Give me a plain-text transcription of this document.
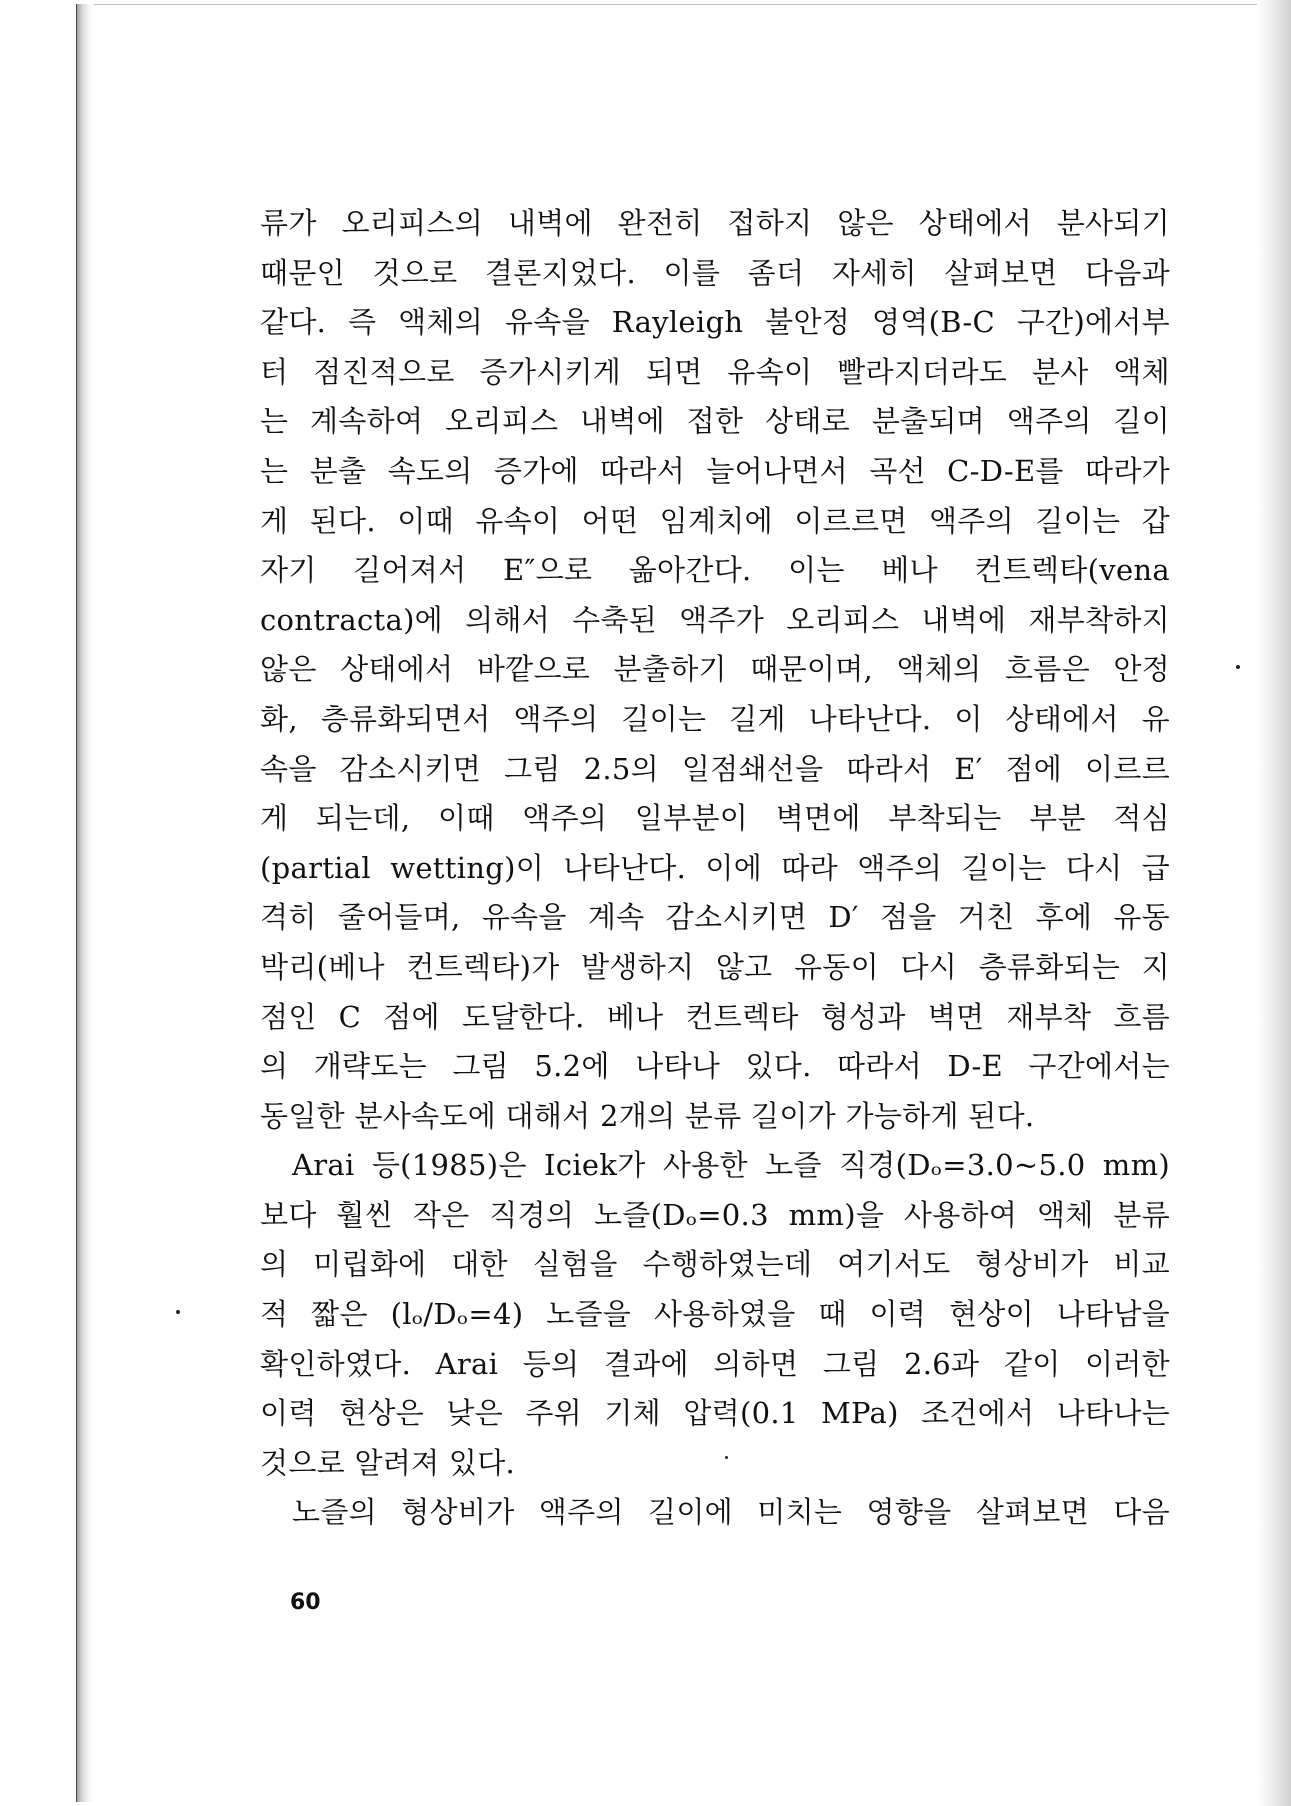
류가 오리피스의 내벽에 완전히 접하지 않은 상태에서 분사되기
때문인 것으로 결론지었다. 이를 좀더 자세히 살펴보면 다음과
같다. 즉 액체의 유속을 Rayleigh 불안정 영역(B-C 구간)에서부
터 점진적으로 증가시키게 되면 유속이 빨라지더라도 분사 액체
는 계속하여 오리피스 내벽에 접한 상태로 분출되며 액주의 길이
는 분출 속도의 증가에 따라서 늘어나면서 곡선 C-D-E를 따라가
게 된다. 이때 유속이 어떤 임계치에 이르르면 액주의 길이는 갑
자기 길어져서 E″으로 옮아간다. 이는 베나 컨트렉타(vena
contracta)에 의해서 수축된 액주가 오리피스 내벽에 재부착하지
않은 상태에서 바깥으로 분출하기 때문이며, 액체의 흐름은 안정
화, 층류화되면서 액주의 길이는 길게 나타난다. 이 상태에서 유
속을 감소시키면 그림 2.5의 일점쇄선을 따라서 E′ 점에 이르르
게 되는데, 이때 액주의 일부분이 벽면에 부착되는 부분 적심
(partial wetting)이 나타난다. 이에 따라 액주의 길이는 다시 급
격히 줄어들며, 유속을 계속 감소시키면 D′ 점을 거친 후에 유동
박리(베나 컨트렉타)가 발생하지 않고 유동이 다시 층류화되는 지
점인 C 점에 도달한다. 베나 컨트렉타 형성과 벽면 재부착 흐름
의 개략도는 그림 5.2에 나타나 있다. 따라서 D-E 구간에서는
동일한 분사속도에 대해서 2개의 분류 길이가 가능하게 된다.
Arai 등(1985)은 Iciek가 사용한 노즐 직경(Dₒ=3.0~5.0 mm)
보다 훨씬 작은 직경의 노즐(Dₒ=0.3 mm)을 사용하여 액체 분류
의 미립화에 대한 실험을 수행하였는데 여기서도 형상비가 비교
적 짧은 (lₒ/Dₒ=4) 노즐을 사용하였을 때 이력 현상이 나타남을
확인하였다. Arai 등의 결과에 의하면 그림 2.6과 같이 이러한
이력 현상은 낮은 주위 기체 압력(0.1 MPa) 조건에서 나타나는
것으로 알려져 있다.
노즐의 형상비가 액주의 길이에 미치는 영향을 살펴보면 다음
60
